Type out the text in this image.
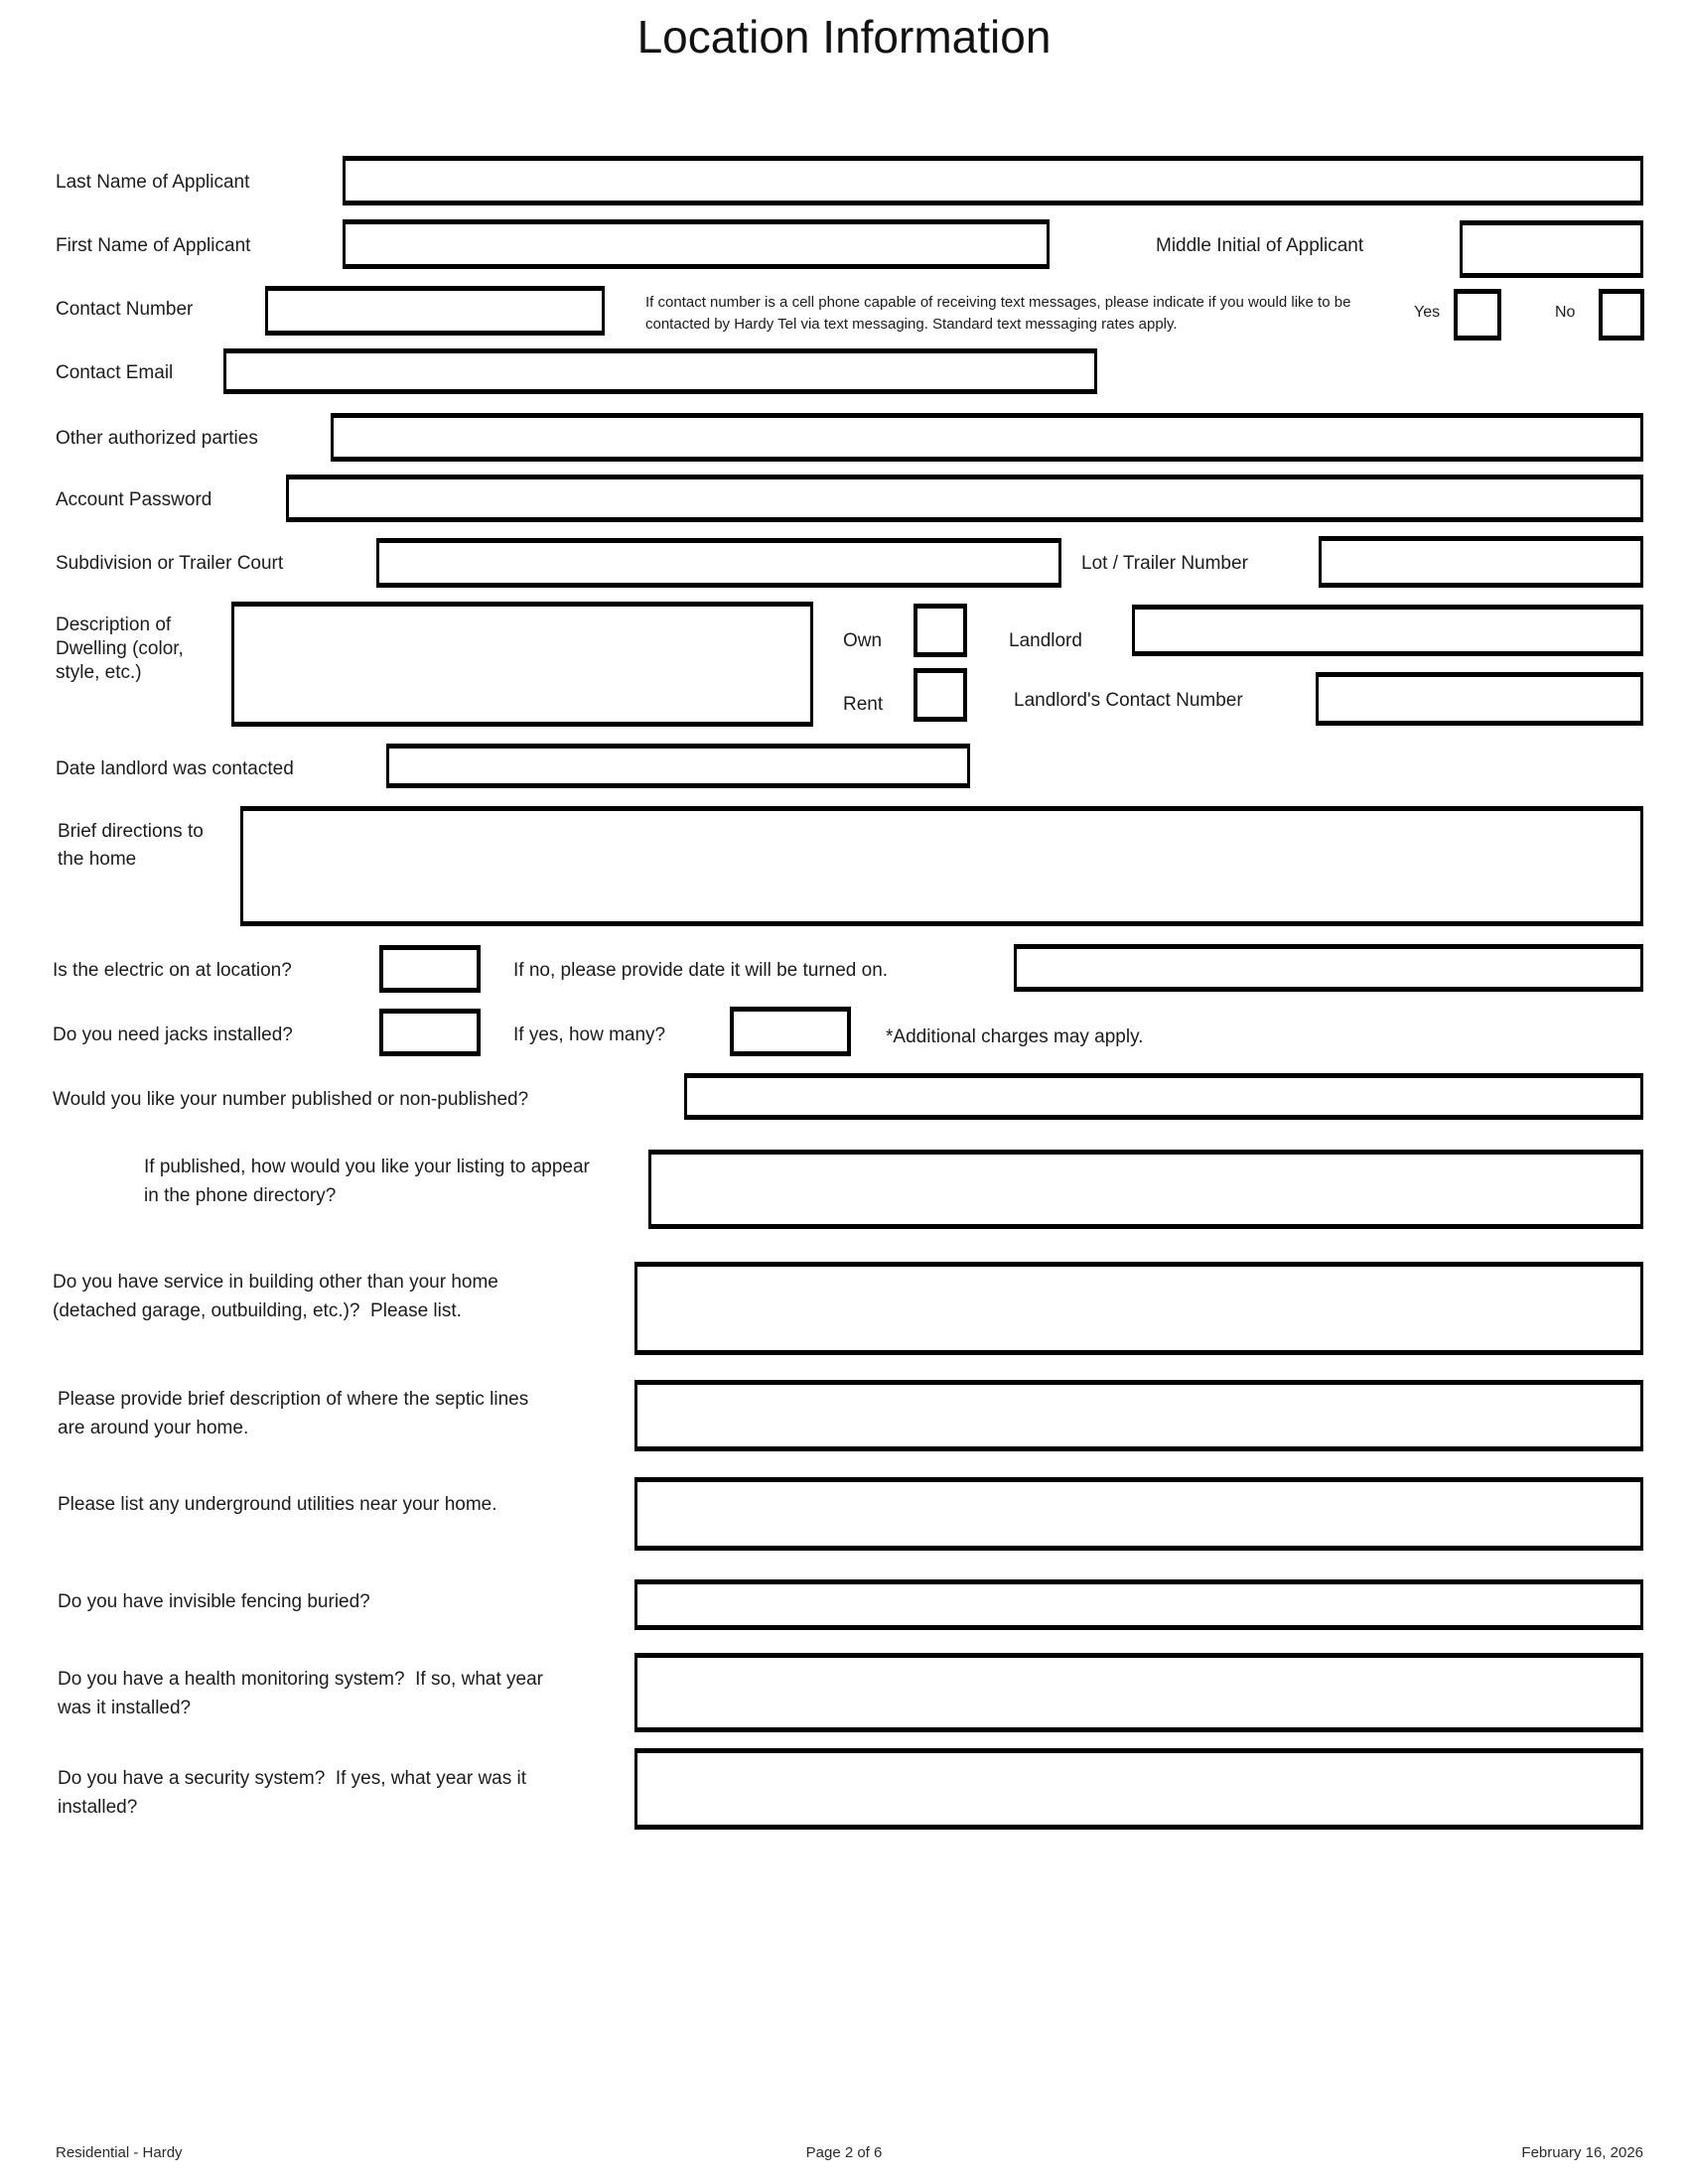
Location Information
Last Name of Applicant
First Name of Applicant	Middle Initial of Applicant
Contact Number	If contact number is a cell phone capable of receiving text messages, please indicate if you would like to be contacted by Hardy Tel via text messaging. Standard text messaging rates apply.
Yes	No
Contact Email
Other authorized parties
Account Password
Subdivision or Trailer Court	Lot / Trailer Number
Description of Dwelling (color, style, etc.)
Own	Landlord
Rent	Landlord's Contact Number
Date landlord was contacted
Brief directions to the home
Is the electric on at location?	If no, please provide date it will be turned on.
Do you need jacks installed?	If yes, how many?	*Additional charges may apply.
Would you like your number published or non-published?
If published, how would you like your listing to appear in the phone directory?
Do you have service in building other than your home (detached garage, outbuilding, etc.)?  Please list.
Please provide brief description of where the septic lines are around your home.
Please list any underground utilities near your home.
Do you have invisible fencing buried?
Do you have a health monitoring system?  If so, what year was it installed?
Do you have a security system?  If yes, what year was it installed?
Residential - Hardy	Page 2 of 6	February 16, 2026
